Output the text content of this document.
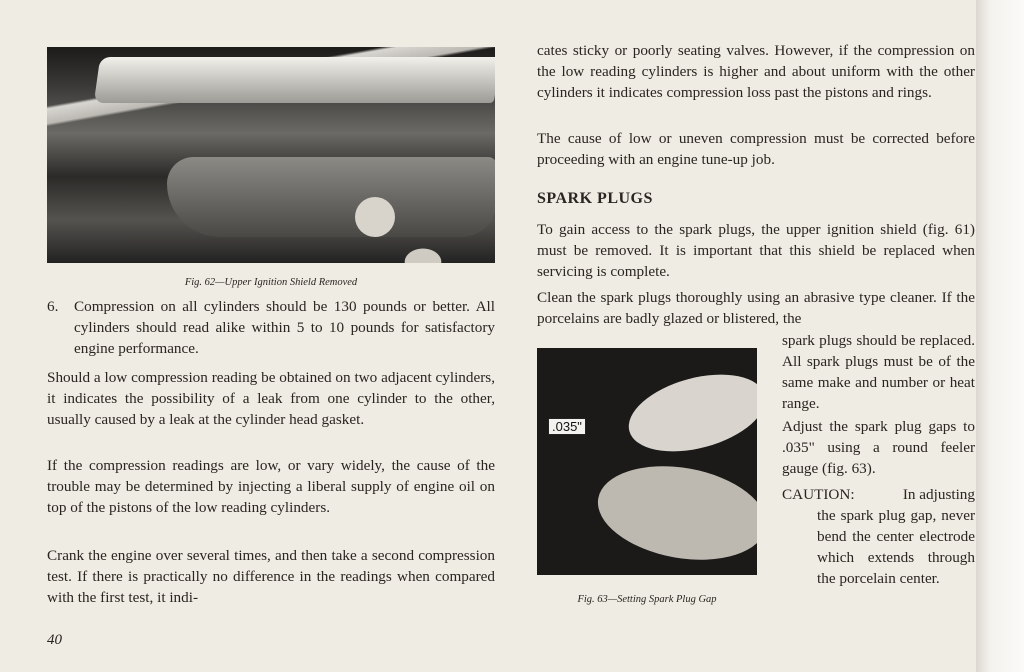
Fig. 62—Upper Ignition Shield Removed
6.	Compression on all cylinders should be 130 pounds or better. All cylinders should read alike within 5 to 10 pounds for satisfactory engine performance.
Should a low compression reading be obtained on two adjacent cylinders, it indicates the possibility of a leak from one cylinder to the other, usually caused by a leak at the cylinder head gasket.
If the compression readings are low, or vary widely, the cause of the trouble may be determined by injecting a liberal supply of engine oil on top of the pistons of the low reading cylinders.
Crank the engine over several times, and then take a second compression test. If there is practically no difference in the readings when compared with the first test, it indi-
cates sticky or poorly seating valves. However, if the compression on the low reading cylinders is higher and about uniform with the other cylinders it indicates compression loss past the pistons and rings.
The cause of low or uneven compression must be corrected before proceeding with an engine tune-up job.
SPARK PLUGS
To gain access to the spark plugs, the upper ignition shield (fig. 61) must be removed. It is important that this shield be replaced when servicing is complete.
Clean the spark plugs thoroughly using an abrasive type cleaner. If the porcelains are badly glazed or blistered, the
.035"
Fig. 63—Setting Spark Plug Gap
spark plugs should be replaced. All spark plugs must be of the same make and number or heat range.
Adjust the spark plug gaps to .035" using a round feeler gauge (fig. 63).
CAUTION:	In adjusting
the spark plug gap, never bend the center electrode which extends through the porcelain center.
40
